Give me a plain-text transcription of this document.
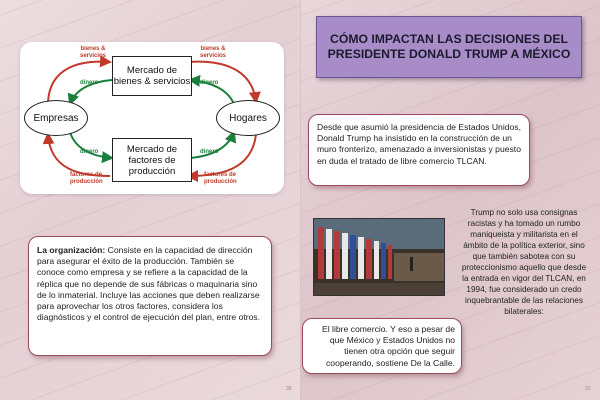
Mercado de bienes & servicios
Mercado de factores de producción
Empresas	Hogares
bienes & servicios
bienes & servicios
dinero	dinero
dinero	dinero
factores de producción
factores de producción
La organización: Consiste en la capacidad de dirección para asegurar el éxito de la producción. También se conoce como empresa y se refiere a la capacidad de la réplica que no depende de sus fábricas o maquinaria sino de lo inmaterial. Incluye las acciones que deben realizarse para aprovechar los otros factores, considera los diagnósticos y el control de ejecución del plan, entre otros.
30	31
CÓMO IMPACTAN LAS DECISIONES DEL PRESIDENTE DONALD TRUMP A MÉXICO
Desde que asumió la presidencia de Estados Unidos, Donald Trump ha insistido en la construcción de un muro fronterizo, amenazado a inversionistas y puesto en duda el tratado de libre comercio TLCAN.
Trump no solo usa consignas racistas y ha tomado un rumbo maniqueista y militarista en el ámbito de la política exterior, sino que también sabotea con su proteccionismo aquello que desde la entrada en vigor del TLCAN, en 1994, fue considerado un credo inquebrantable de las relaciones bilaterales:
El libre comercio. Y eso a pesar de que México y Estados Unidos no tienen otra opción que seguir cooperando, sostiene De la Calle.
